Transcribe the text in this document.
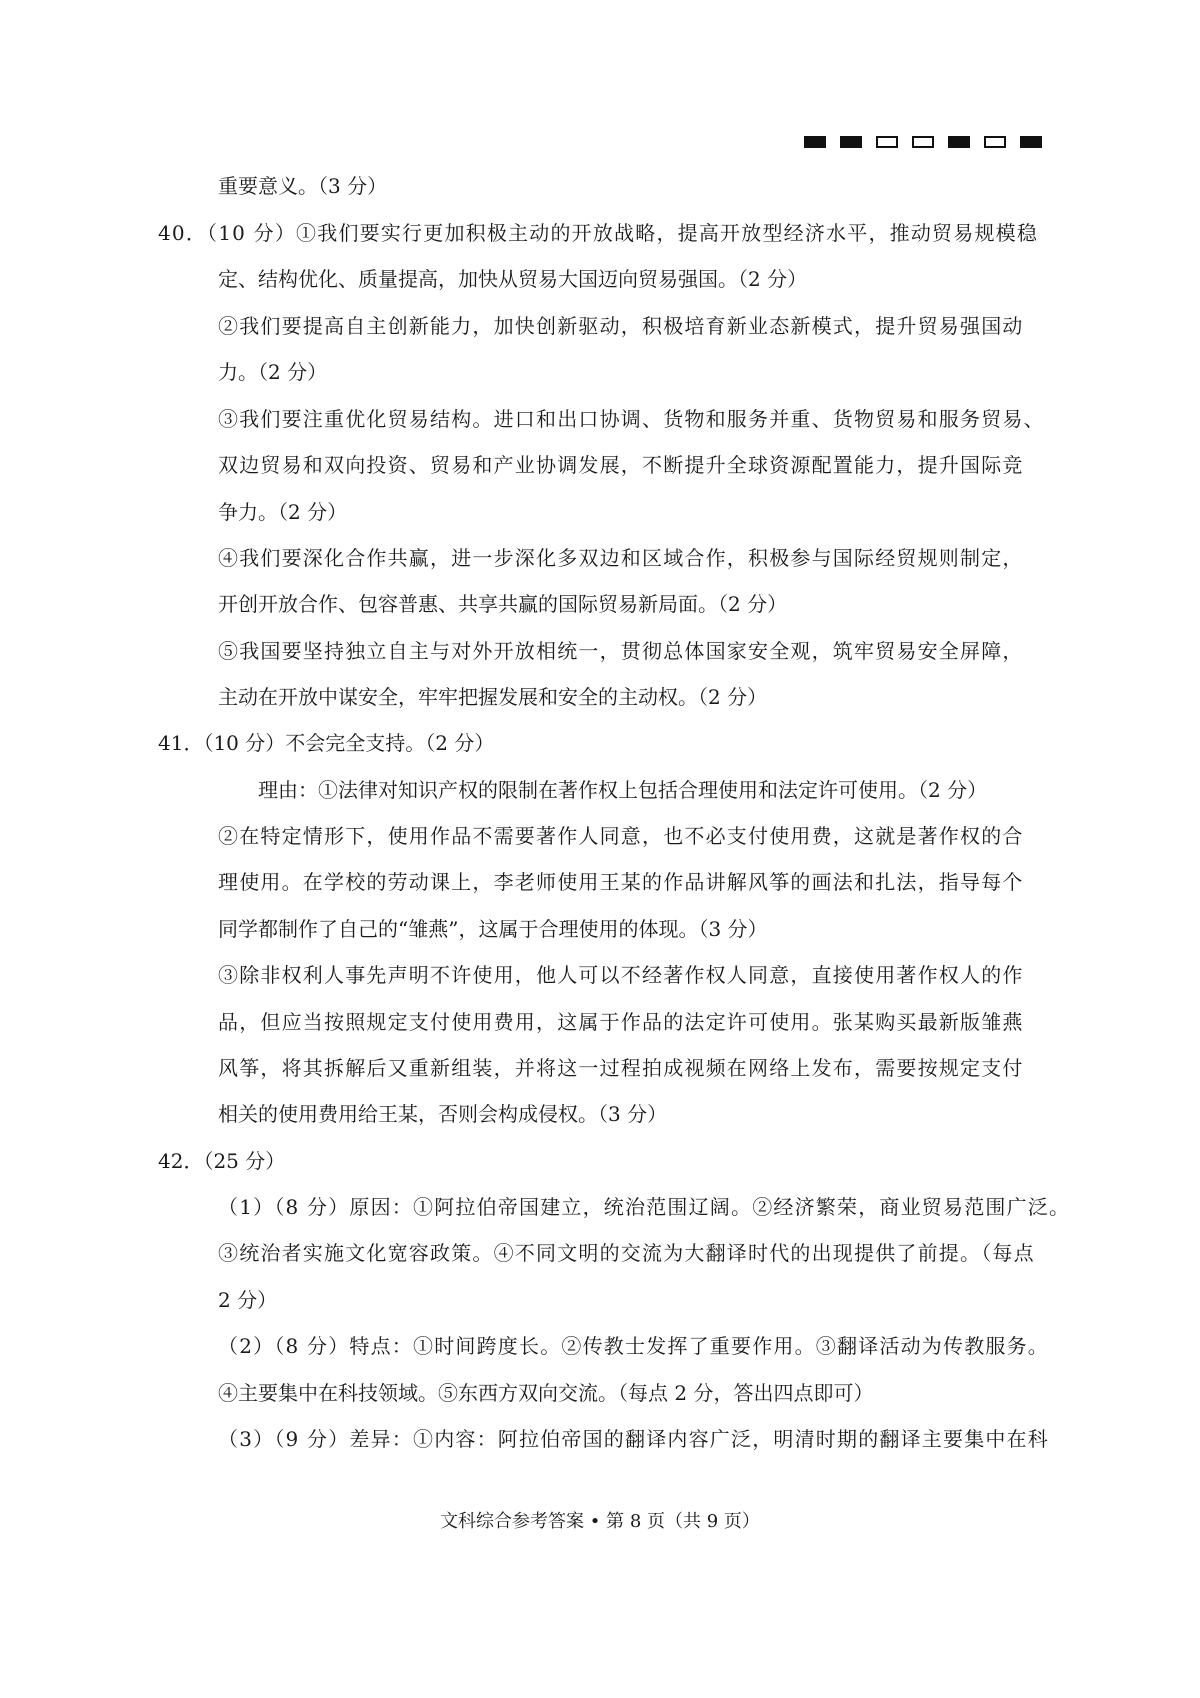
重要意义。（3 分）

40．（10 分）①我们要实行更加积极主动的开放战略，提高开放型经济水平，推动贸易规模稳

定、结构优化、质量提高，加快从贸易大国迈向贸易强国。（2 分）

②我们要提高自主创新能力，加快创新驱动，积极培育新业态新模式，提升贸易强国动

力。（2 分）

③我们要注重优化贸易结构。进口和出口协调、货物和服务并重、货物贸易和服务贸易、

双边贸易和双向投资、贸易和产业协调发展，不断提升全球资源配置能力，提升国际竞

争力。（2 分）

④我们要深化合作共赢，进一步深化多双边和区域合作，积极参与国际经贸规则制定，

开创开放合作、包容普惠、共享共赢的国际贸易新局面。（2 分）

⑤我国要坚持独立自主与对外开放相统一，贯彻总体国家安全观，筑牢贸易安全屏障，

主动在开放中谋安全，牢牢把握发展和安全的主动权。（2 分）

41．（10 分）不会完全支持。（2 分）

理由：①法律对知识产权的限制在著作权上包括合理使用和法定许可使用。（2 分）

②在特定情形下，使用作品不需要著作人同意，也不必支付使用费，这就是著作权的合

理使用。在学校的劳动课上，李老师使用王某的作品讲解风筝的画法和扎法，指导每个

同学都制作了自己的“雏燕”，这属于合理使用的体现。（3 分）

③除非权利人事先声明不许使用，他人可以不经著作权人同意，直接使用著作权人的作

品，但应当按照规定支付使用费用，这属于作品的法定许可使用。张某购买最新版雏燕

风筝，将其拆解后又重新组装，并将这一过程拍成视频在网络上发布，需要按规定支付

相关的使用费用给王某，否则会构成侵权。（3 分）

42．（25 分）

（1）（8 分）原因：①阿拉伯帝国建立，统治范围辽阔。②经济繁荣，商业贸易范围广泛。

③统治者实施文化宽容政策。④不同文明的交流为大翻译时代的出现提供了前提。（每点

2 分）

（2）（8 分）特点：①时间跨度长。②传教士发挥了重要作用。③翻译活动为传教服务。

④主要集中在科技领域。⑤东西方双向交流。（每点 2 分，答出四点即可）

（3）（9 分）差异：①内容：阿拉伯帝国的翻译内容广泛，明清时期的翻译主要集中在科

文科综合参考答案 • 第 8 页（共 9 页）
